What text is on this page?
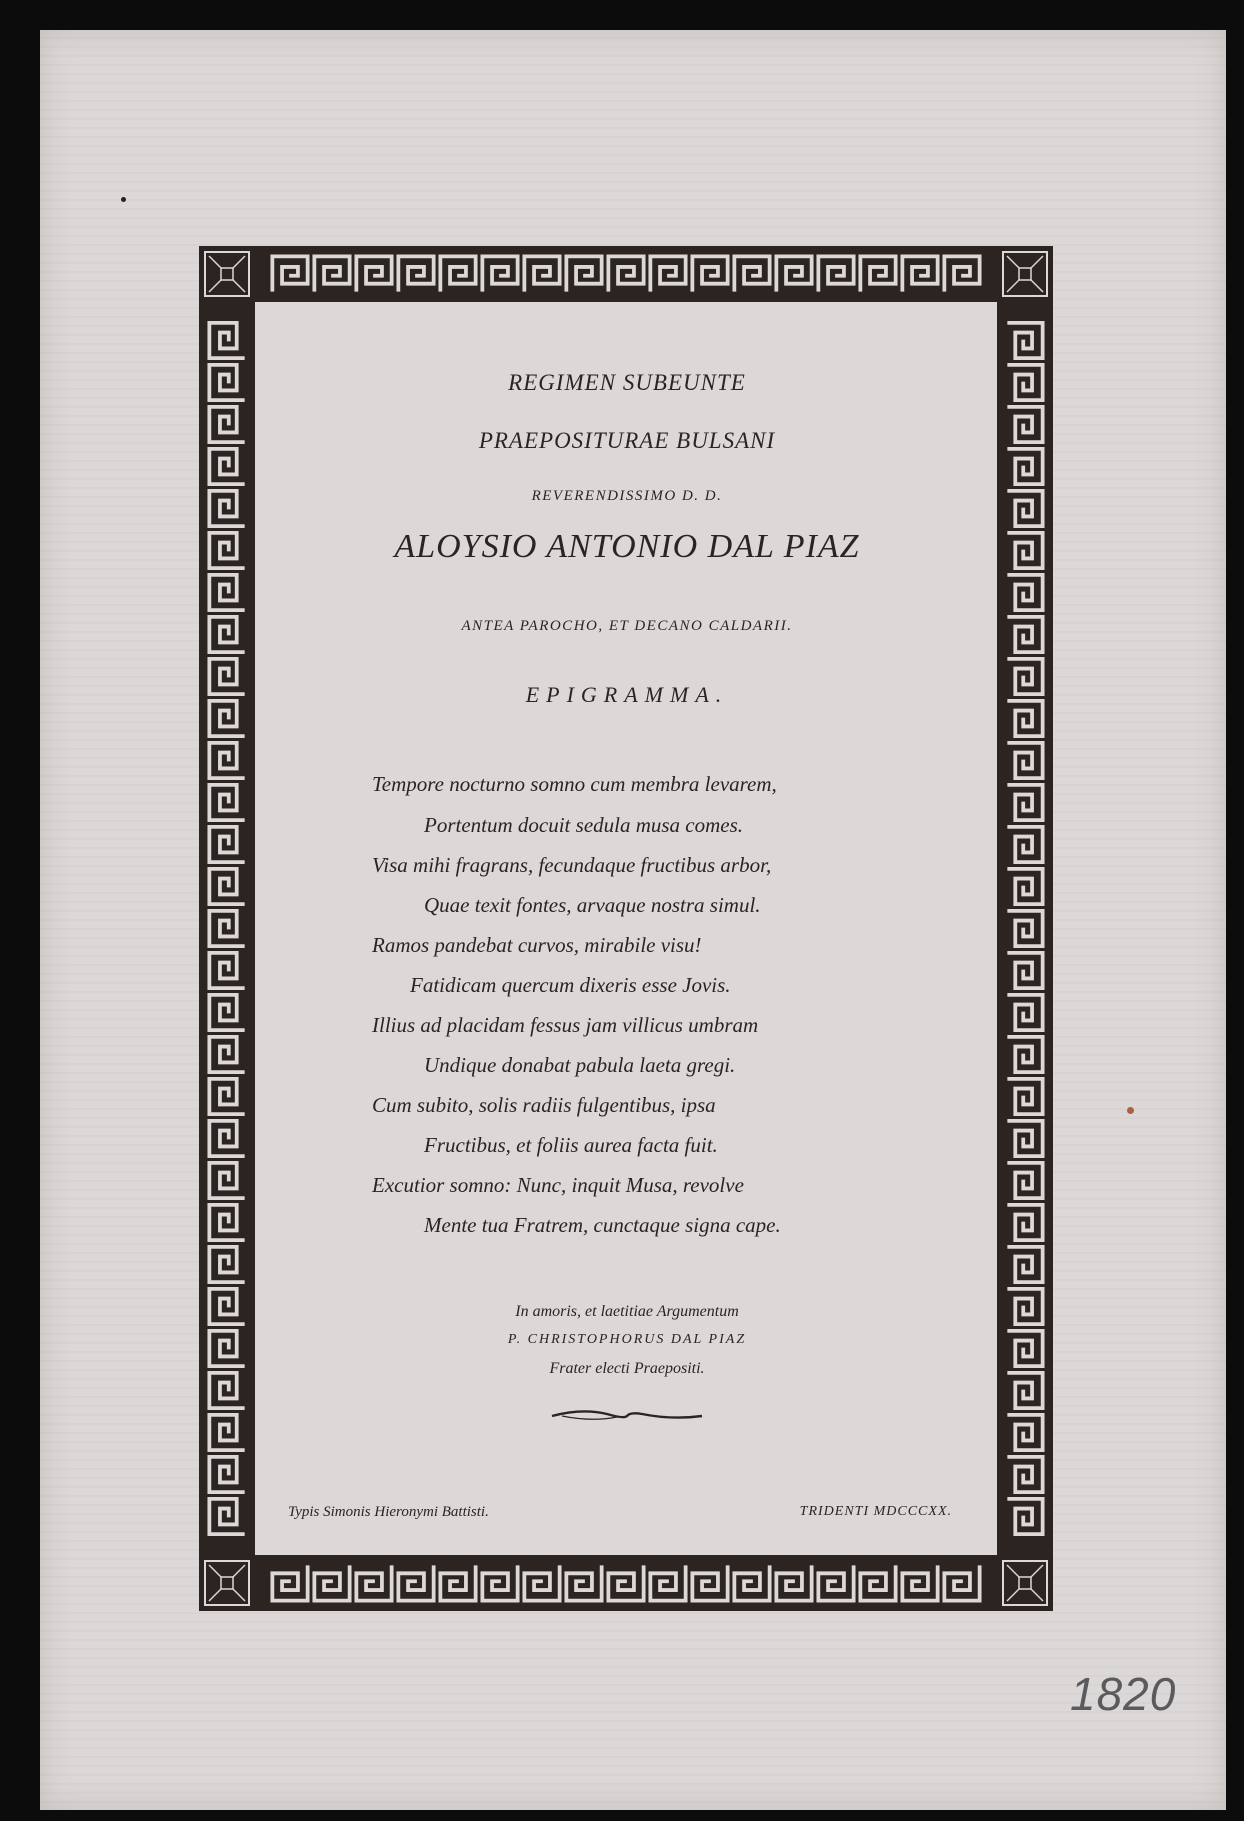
REGIMEN SUBEUNTE
PRAEPOSITURAE BULSANI
REVERENDISSIMO D. D.
ALOYSIO ANTONIO DAL PIAZ
ANTEA PAROCHO, ET DECANO CALDARII.
EPIGRAMMA.
Tempore nocturno somno cum membra levarem,
Portentum docuit sedula musa comes.
Visa mihi fragrans, fecundaque fructibus arbor,
Quae texit fontes, arvaque nostra simul.
Ramos pandebat curvos, mirabile visu!
Fatidicam quercum dixeris esse Jovis.
Illius ad placidam fessus jam villicus umbram
Undique donabat pabula laeta gregi.
Cum subito, solis radiis fulgentibus, ipsa
Fructibus, et foliis aurea facta fuit.
Excutior somno: Nunc, inquit Musa, revolve
Mente tua Fratrem, cunctaque signa cape.
In amoris, et laetitiae Argumentum
P. CHRISTOPHORUS DAL PIAZ
Frater electi Praepositi.
Typis Simonis Hieronymi Battisti.	TRIDENTI MDCCCXX.
1820
